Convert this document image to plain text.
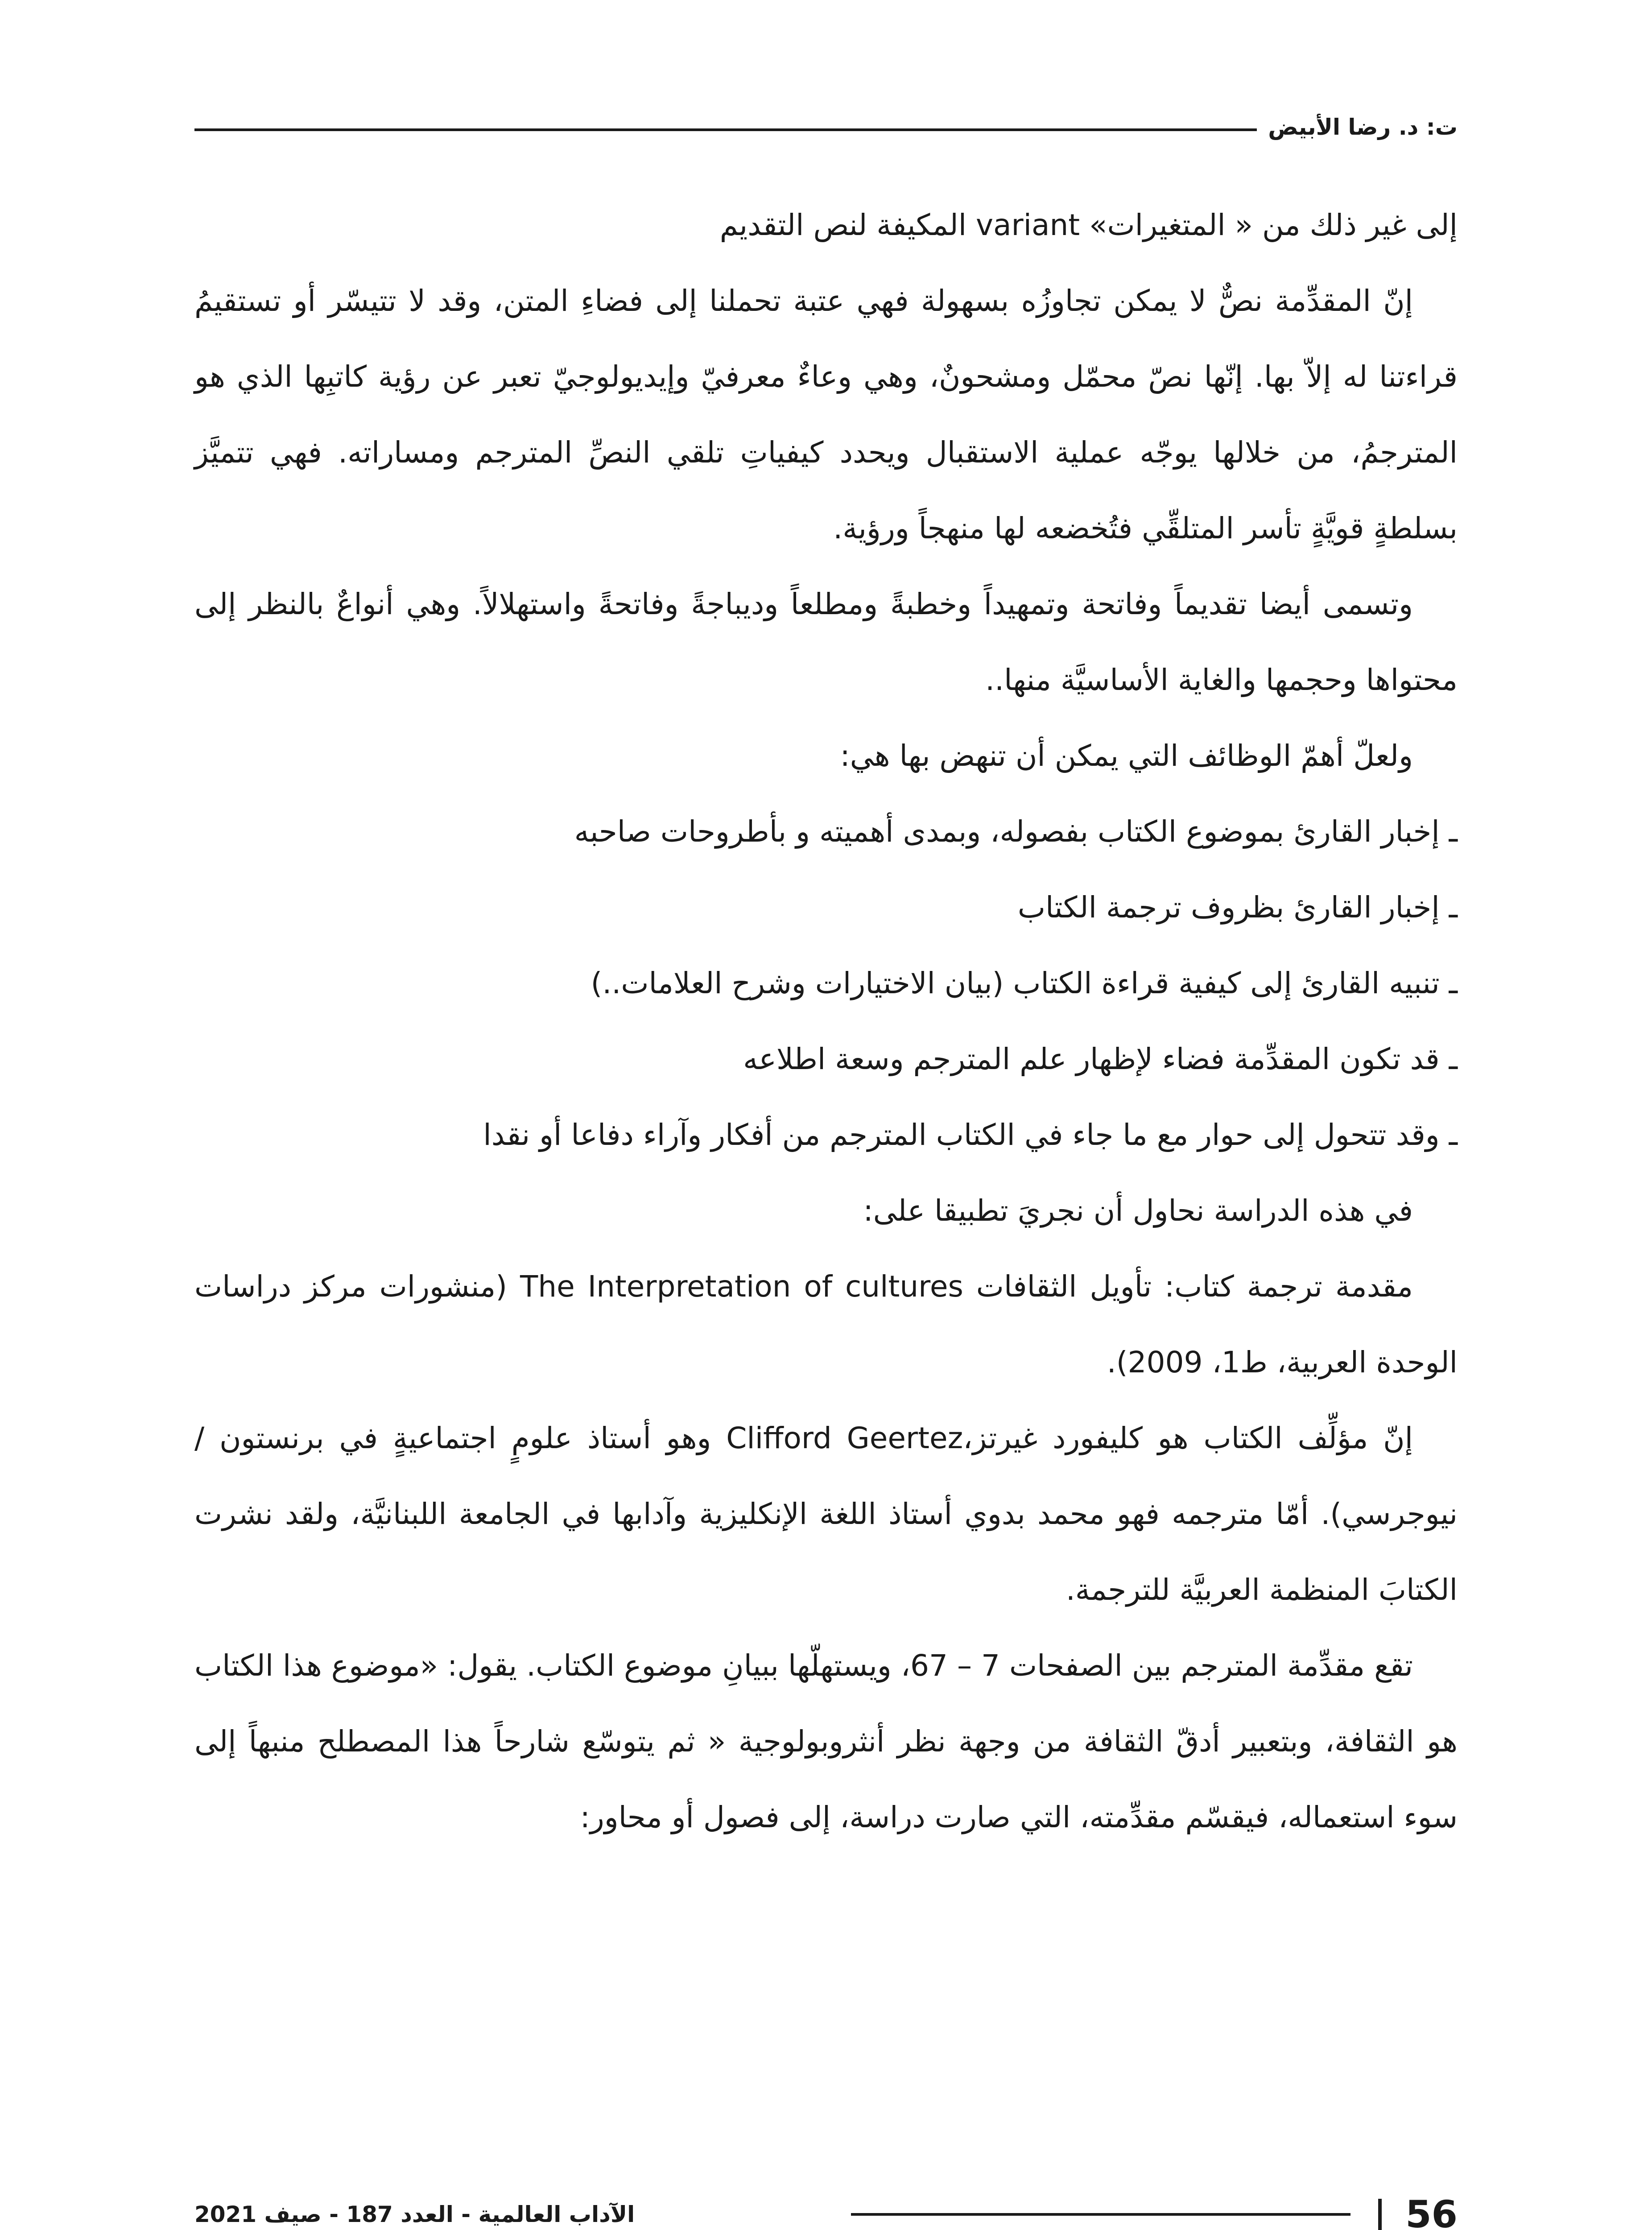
ت: د. رضا الأبيض

إلى غير ذلك من « المتغيرات» variant المكيفة لنص التقديم

إنّ المقدِّمة نصٌّ لا يمكن تجاوزُه بسهولة فهي عتبة تحملنا إلى فضاءِ المتن، وقد لا تتيسّر أو تستقيمُ قراءتنا له إلاّ بها. إنّها نصّ محمّل ومشحونٌ، وهي وعاءٌ معرفيّ وإيديولوجيّ تعبر عن رؤية كاتبِها الذي هو المترجمُ، من خلالها يوجّه عملية الاستقبال ويحدد كيفياتِ تلقي النصِّ المترجم ومساراته. فهي تتميَّز بسلطةٍ قويَّةٍ تأسر المتلقِّي فتُخضعه لها منهجاً ورؤية.

وتسمى أيضا تقديماً وفاتحة وتمهيداً وخطبةً ومطلعاً وديباجةً وفاتحةً واستهلالاً. وهي أنواعٌ بالنظر إلى محتواها وحجمها والغاية الأساسيَّة منها..

ولعلّ أهمّ الوظائف التي يمكن أن تنهض بها هي:

ـ إخبار القارئ بموضوع الكتاب بفصوله، وبمدى أهميته و بأطروحات صاحبه

ـ إخبار القارئ بظروف ترجمة الكتاب

ـ تنبيه القارئ إلى كيفية قراءة الكتاب (بيان الاختيارات وشرح العلامات..)

ـ قد تكون المقدِّمة فضاء لإظهار علم المترجم وسعة اطلاعه

ـ وقد تتحول إلى حوار مع ما جاء في الكتاب المترجم من أفكار وآراء دفاعا أو نقدا

في هذه الدراسة نحاول أن نجريَ تطبيقا على:

مقدمة ترجمة كتاب: تأويل الثقافات The Interpretation of cultures (منشورات مركز دراسات الوحدة العربية، ط1، 2009).

إنّ مؤلِّف الكتاب هو كليفورد غيرتز،Clifford Geertez وهو أستاذ علومٍ اجتماعيةٍ في برنستون / نيوجرسي). أمّا مترجمه فهو محمد بدوي أستاذ اللغة الإنكليزية وآدابها في الجامعة اللبنانيَّة، ولقد نشرت الكتابَ المنظمة العربيَّة للترجمة.

تقع مقدِّمة المترجم بين الصفحات 7 – 67، ويستهلّها ببيانِ موضوع الكتاب. يقول: «موضوع هذا الكتاب هو الثقافة، وبتعبير أدقّ الثقافة من وجهة نظر أنثروبولوجية « ثم يتوسّع شارحاً هذا المصطلح منبهاً إلى سوء استعماله، فيقسّم مقدِّمته، التي صارت دراسة، إلى فصول أو محاور:

56
الآداب العالمية - العدد 187 - صيف 2021
